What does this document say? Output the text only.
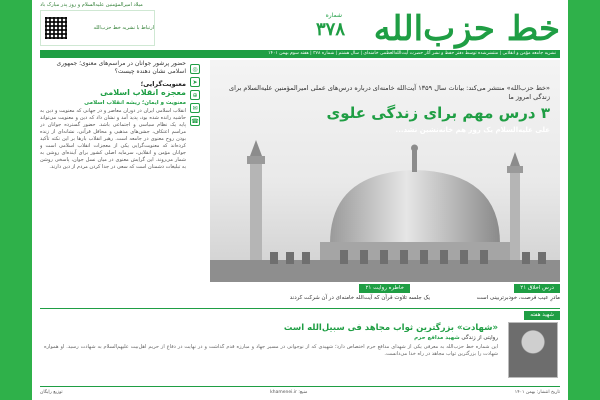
میلاد امیرالمؤمنین علیه‌السلام و روز پدر مبارک باد
خط حزب‌الله
شماره
۳۷۸
ارتباط با نشریه خط حزب‌الله
نشریه جامعه مؤمن و انقلابی | منتشرشده توسط دفتر حفظ و نشر آثار حضرت آیت‌الله‌العظمی خامنه‌ای | سال هشتم | شماره ۳۷۸ | هفته سوم بهمن ۱۴۰۱
«خط حزب‌الله» منتشر می‌کند: بیانات سال ۱۳۵۹ آیت‌الله خامنه‌ای درباره درس‌های عملی امیرالمؤمنین علیه‌السلام برای زندگی امروز ما
۳ درس مهم برای زندگی علوی
علی علیه‌السلام یک روز هم خانه‌نشین نشد...
حضور پرشور جوانان در مراسم‌های معنوی؛ جمهوری اسلامی نشان دهنده چیست؟
معنویت‌گرایی؛
معجزه انقلاب اسلامی
معنویت و ایمان؛ ریشه انقلاب اسلامی
انقلاب اسلامی ایران در دوران معاصر و در جهانی که معنویت و دین به حاشیه رانده شده بود، پدید آمد و نشان داد که دین و معنویت می‌تواند پایه یک نظام سیاسی و اجتماعی باشد. حضور گسترده جوانان در مراسم اعتکاف، جشن‌های مذهبی و محافل قرآنی، نشانه‌ای از زنده بودن روح معنوی در جامعه است. رهبر انقلاب بارها بر این نکته تأکید کرده‌اند که معنویت‌گرایی یکی از معجزات انقلاب اسلامی است و جوانان مؤمن و انقلابی، سرمایه اصلی کشور برای آینده‌ای روشن به شمار می‌روند. این گرایش معنوی در میان نسل جوان، پاسخی روشن به تبلیغات دشمنان است که سعی در جدا کردن مردم از دین دارند.
◎
➤
⊕
✉
☎
درس اخلاق ۲۱
مادرِ عیب فرصت، خودبرتربینی است
خاطره روایت ۲۱
یک جلسه تلاوت قرآن که آیت‌الله خامنه‌ای در آن شرکت کردند
شهید هفته
«شهادت» بزرگترین ثواب مجاهد فی سبیل‌الله است
روایتی از زندگی شهید مدافع حرم
این شماره خط حزب‌الله به معرفی یکی از شهدای مدافع حرم اختصاص دارد؛ شهیدی که از نوجوانی در مسیر جهاد و مبارزه قدم گذاشت و در نهایت در دفاع از حریم اهل‌بیت علیهم‌السلام به شهادت رسید. او همواره شهادت را بزرگترین ثواب مجاهد در راه خدا می‌دانست.
تاریخ انتشار: بهمن ۱۴۰۱
منبع: khamenei.ir
توزیع رایگان
